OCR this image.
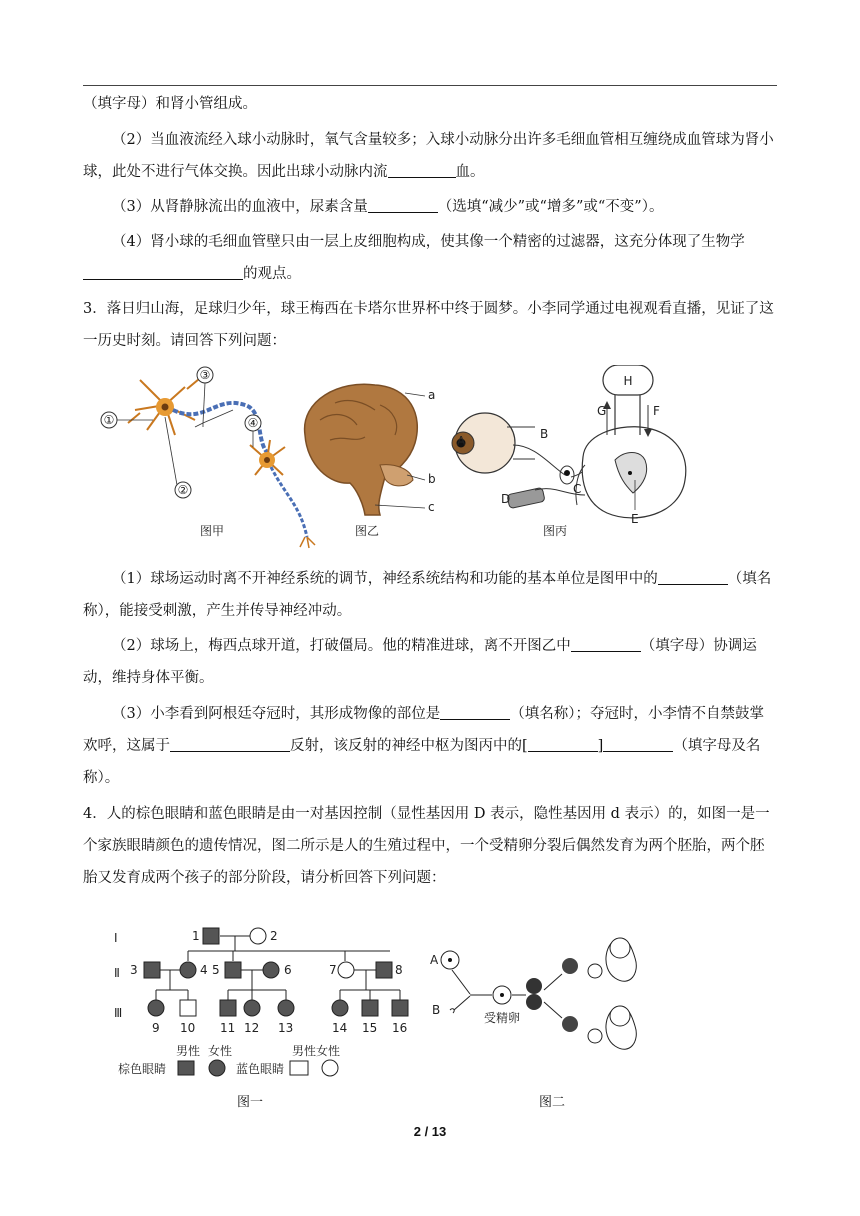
（填字母）和肾小管组成。

（2）当血液流经入球小动脉时，氧气含量较多；入球小动脉分出许多毛细血管相互缠绕成血管球为肾小球，此处不进行气体交换。因此出球小动脉内流	血。

（3）从肾静脉流出的血液中，尿素含量	（选填“减少”或“增多”或“不变”）。

（4）肾小球的毛细血管壁只由一层上皮细胞构成，使其像一个精密的过滤器，这充分体现了生物学的观点。

3．落日归山海，足球归少年，球王梅西在卡塔尔世界杯中终于圆梦。小李同学通过电视观看直播，见证了这一历史时刻。请回答下列问题：

①
②
③
④
图甲
a
b
c
图乙
H
G	F
A	B
C
D
E
图丙

（1）球场运动时离不开神经系统的调节，神经系统结构和功能的基本单位是图甲中的	（填名称），能接受刺激，产生并传导神经冲动。

（2）球场上，梅西点球开道，打破僵局。他的精准进球，离不开图乙中	（填字母）协调运动，维持身体平衡。

（3）小李看到阿根廷夺冠时，其形成物像的部位是	（填名称）；夺冠时，小李情不自禁鼓掌欢呼，这属于	反射，该反射的神经中枢为图丙中的[	]	（填字母及名称）。

4．人的棕色眼睛和蓝色眼睛是由一对基因控制（显性基因用 D 表示，隐性基因用 d 表示）的，如图一是一个家族眼睛颜色的遗传情况，图二所示是人的生殖过程中，一个受精卵分裂后偶然发育为两个胚胎，两个胚胎又发育成两个孩子的部分阶段，请分析回答下列问题：

Ⅰ
Ⅱ
Ⅲ
1	2
3	4 5	6	7	8
9 10 11 12 13	14 15 16
男性 女性	男性女性
棕色眼睛	蓝色眼睛
图一
A
B
受精卵
图二
2 / 13
